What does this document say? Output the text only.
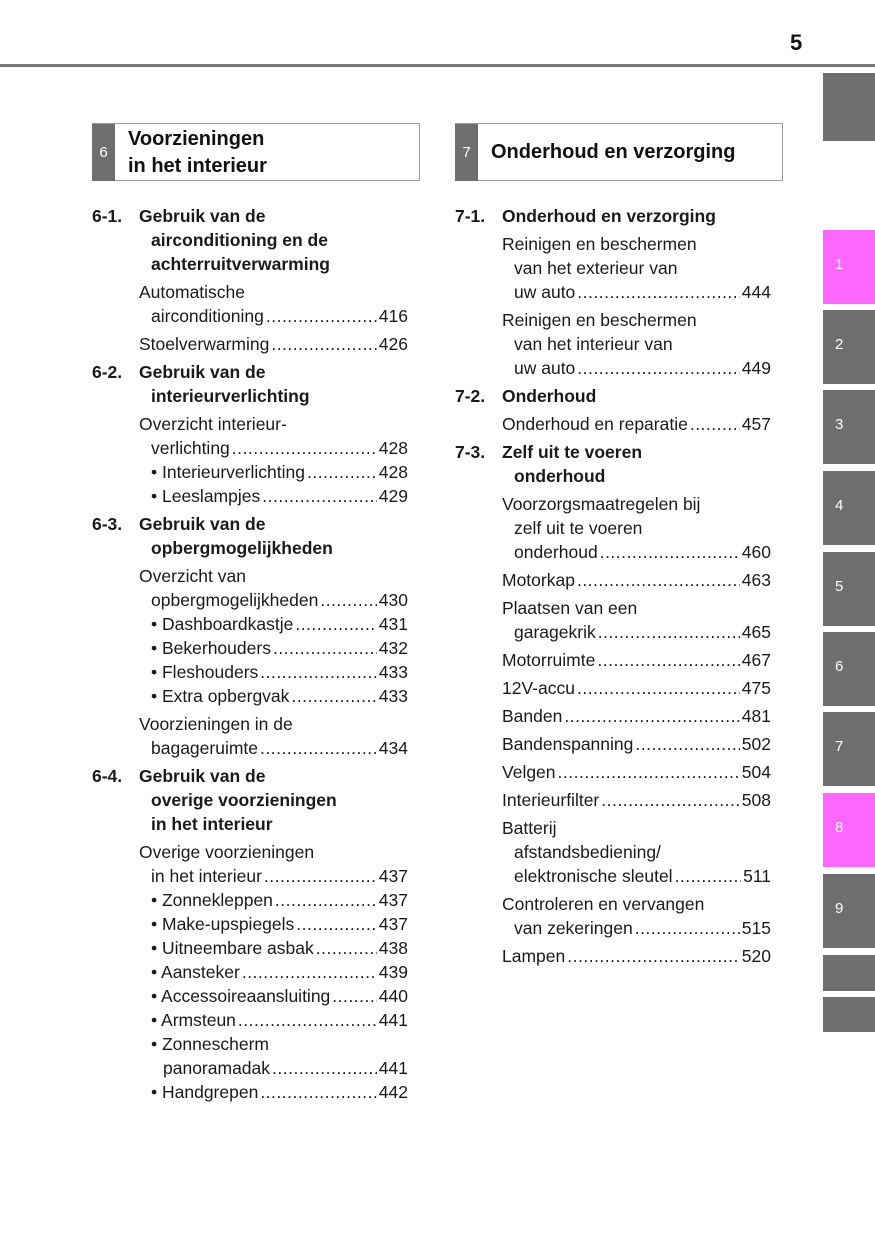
5
1
2
3
4
5
6
7
8
9
6
Voorzieningen
in het interieur
7	Onderhoud en verzorging
6-1. Gebruik van de
airconditioning en de
achterruitverwarming
Automatische
airconditioning .....	416
Stoelverwarming .....	426
6-2. Gebruik van de
interieurverlichting
Overzicht interieur-
verlichting .....	428
• Interieurverlichting .....	428
• Leeslampjes .....	429
6-3. Gebruik van de
opbergmogelijkheden
Overzicht van
opbergmogelijkheden .....	430
• Dashboardkastje .....	431
• Bekerhouders .....	432
• Fleshouders .....	433
• Extra opbergvak .....	433
Voorzieningen in de
bagageruimte .....	434
6-4. Gebruik van de
overige voorzieningen
in het interieur
Overige voorzieningen
in het interieur .....	437
• Zonnekleppen .....	437
• Make-upspiegels .....	437
• Uitneembare asbak .....	438
• Aansteker .....	439
• Accessoireaansluiting .....	440
• Armsteun .....	441
• Zonnescherm
panoramadak .....	441
• Handgrepen .....	442
7-1. Onderhoud en verzorging
Reinigen en beschermen
van het exterieur van
uw auto .....	444
Reinigen en beschermen
van het interieur van
uw auto .....	449
7-2. Onderhoud
Onderhoud en reparatie .....	457
7-3. Zelf uit te voeren
onderhoud
Voorzorgsmaatregelen bij
zelf uit te voeren
onderhoud .....	460
Motorkap .....	463
Plaatsen van een
garagekrik .....	465
Motorruimte .....	467
12V-accu .....	475
Banden .....	481
Bandenspanning .....	502
Velgen .....	504
Interieurfilter .....	508
Batterij
afstandsbediening/
elektronische sleutel .....	511
Controleren en vervangen
van zekeringen .....	515
Lampen .....	520
